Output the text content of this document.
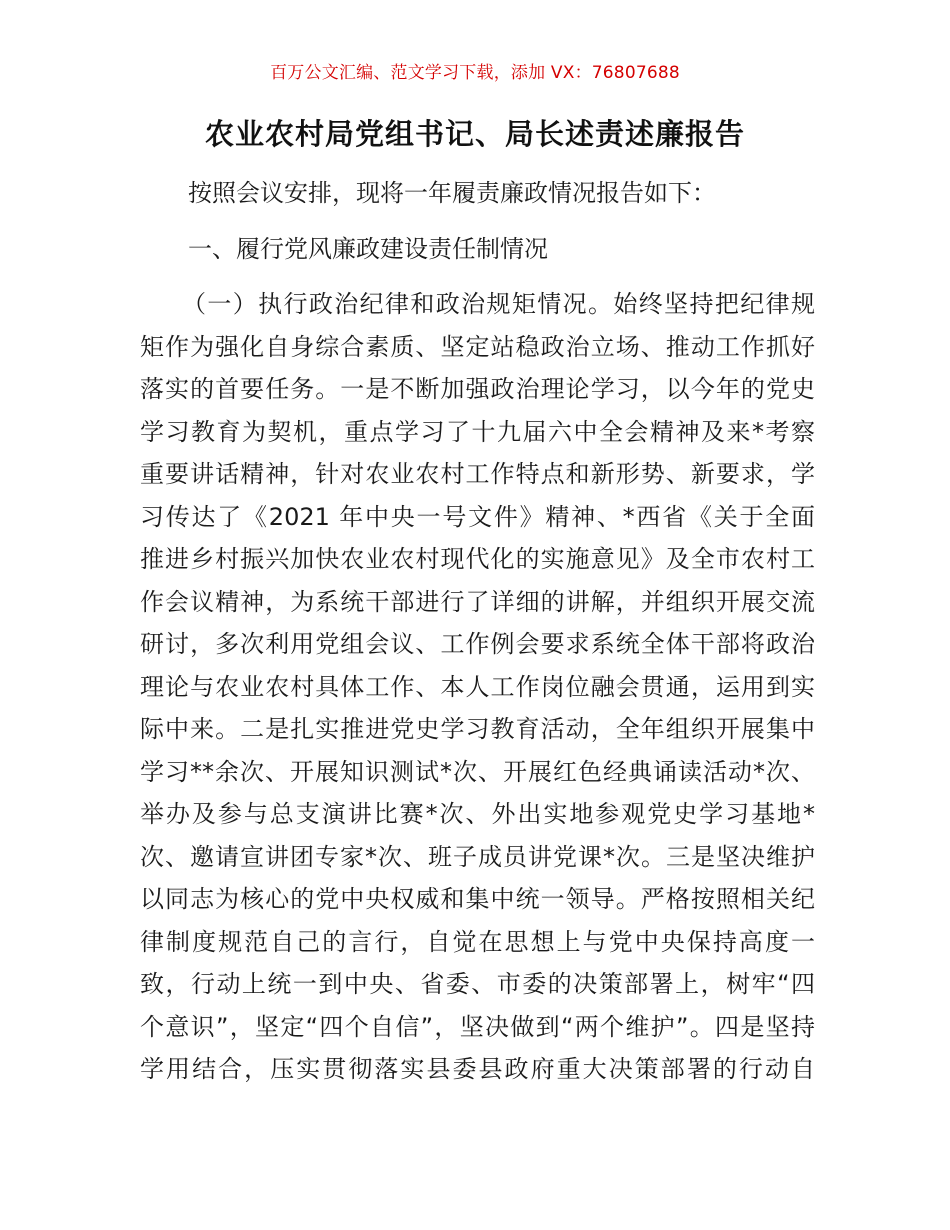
百万公文汇编、范文学习下载，添加 VX：76807688
农业农村局党组书记、局长述责述廉报告

按照会议安排，现将一年履责廉政情况报告如下：

一、履行党风廉政建设责任制情况

（一）执行政治纪律和政治规矩情况。始终坚持把纪律规
矩作为强化自身综合素质、坚定站稳政治立场、推动工作抓好
落实的首要任务。一是不断加强政治理论学习，以今年的党史
学习教育为契机，重点学习了十九届六中全会精神及来*考察
重要讲话精神，针对农业农村工作特点和新形势、新要求，学
习传达了《2021 年中央一号文件》精神、*西省《关于全面
推进乡村振兴加快农业农村现代化的实施意见》及全市农村工
作会议精神，为系统干部进行了详细的讲解，并组织开展交流
研讨，多次利用党组会议、工作例会要求系统全体干部将政治
理论与农业农村具体工作、本人工作岗位融会贯通，运用到实
际中来。二是扎实推进党史学习教育活动，全年组织开展集中
学习**余次、开展知识测试*次、开展红色经典诵读活动*次、
举办及参与总支演讲比赛*次、外出实地参观党史学习基地*
次、邀请宣讲团专家*次、班子成员讲党课*次。三是坚决维护
以同志为核心的党中央权威和集中统一领导。严格按照相关纪
律制度规范自己的言行，自觉在思想上与党中央保持高度一
致，行动上统一到中央、省委、市委的决策部署上，树牢“四
个意识”，坚定“四个自信”，坚决做到“两个维护”。四是坚持
学用结合，压实贯彻落实县委县政府重大决策部署的行动自
